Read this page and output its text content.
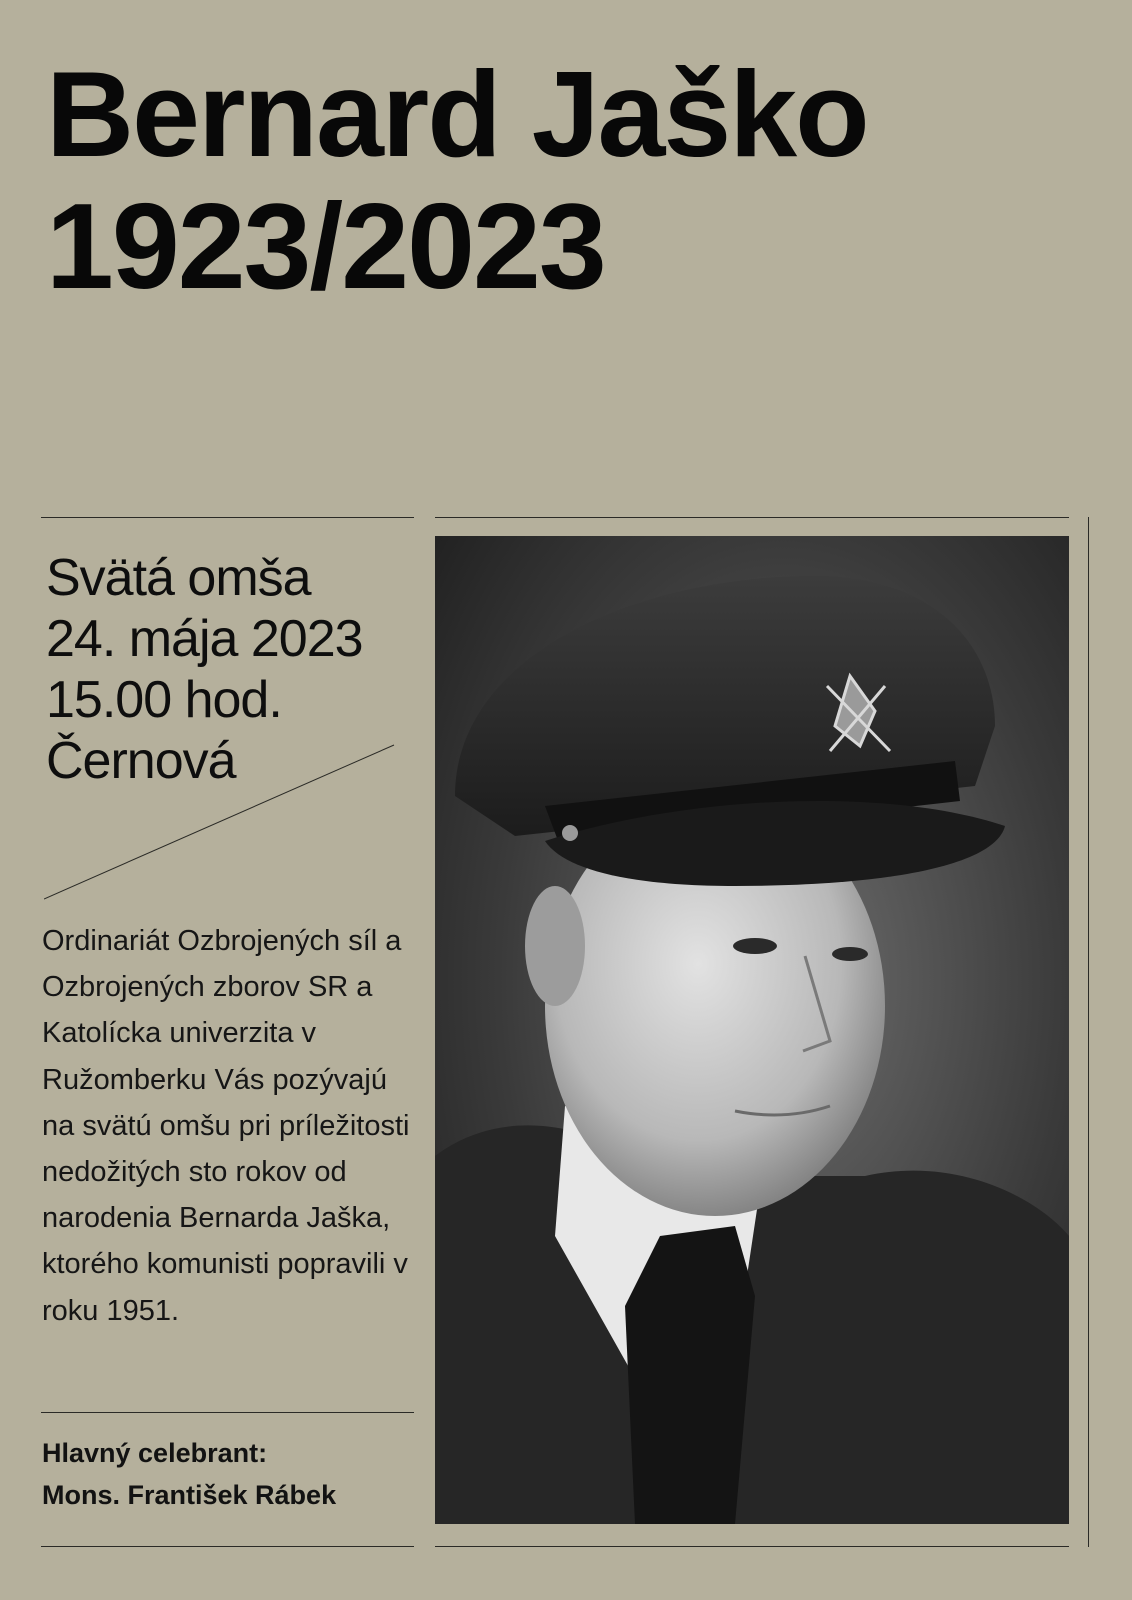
Bernard Jaško
1923/2023
Svätá omša
24. mája 2023
15.00 hod.
Černová

Ordinariát Ozbrojených síl a Ozbrojených zborov SR a Katolícka univerzita v Ružomberku Vás pozývajú na svätú omšu pri príležitosti nedožitých sto rokov od narodenia Bernarda Jaška, ktorého komunisti popravili v roku 1951.

Hlavný celebrant:
Mons. František Rábek
